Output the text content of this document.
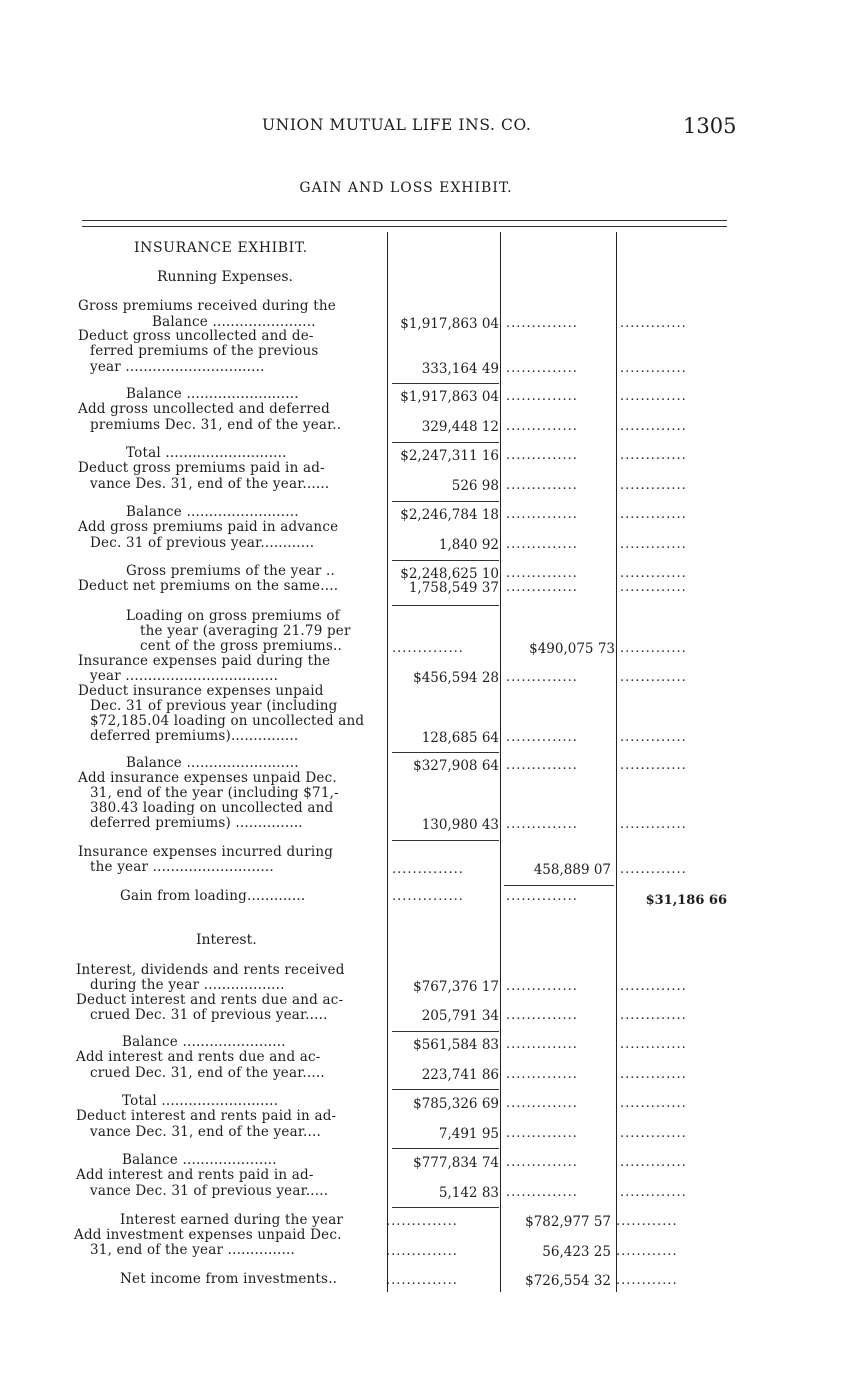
UNION MUTUAL LIFE INS. CO.	1305
GAIN AND LOSS EXHIBIT.
INSURANCE EXHIBIT.
Running Expenses.
Interest.
Gross premiums received during the
Balance .......................
Deduct gross uncollected and de-
ferred premiums of the previous
year ...............................
Balance .........................
Add gross uncollected and deferred
premiums Dec. 31, end of the year..
Total ...........................
Deduct gross premiums paid in ad-
vance Des. 31, end of the year......
Balance .........................
Add gross premiums paid in advance
Dec. 31 of previous year............
Gross premiums of the year ..
Deduct net premiums on the same....
Loading on gross premiums of
the year (averaging 21.79 per
cent of the gross premiums..
Insurance expenses paid during the
year ..................................
Deduct insurance expenses unpaid
Dec. 31 of previous year (including
$72,185.04 loading on uncollected and
deferred premiums)...............
Balance .........................
Add insurance expenses unpaid Dec.
31, end of the year (including $71,-
380.43 loading on uncollected and
deferred premiums) ...............
Insurance expenses incurred during
the year ...........................
Gain from loading.............
Interest, dividends and rents received
during the year ..................
Deduct interest and rents due and ac-
crued Dec. 31 of previous year.....
Balance .......................
Add interest and rents due and ac-
crued Dec. 31, end of the year.....
Total ..........................
Deduct interest and rents paid in ad-
vance Dec. 31, end of the year....
Balance .....................
Add interest and rents paid in ad-
vance Dec. 31 of previous year.....
Interest earned during the year
Add investment expenses unpaid Dec.
31, end of the year ...............
Net income from investments..
$1,917,863 04
333,164 49
$1,917,863 04
329,448 12
$2,247,311 16
526 98
$2,246,784 18
1,840 92
$2,248,625 10
1,758,549 37
$456,594 28
128,685 64
$327,908 64
130,980 43
$767,376 17
205,791 34
$561,584 83
223,741 86
$785,326 69
7,491 95
$777,834 74
5,142 83
$490,075 73
458,889 07
$782,977 57
56,423 25
$726,554 32
$31,186 66
..............
..............
..............
..............
..............
..............
..............
..............
..............
..............
..............
..............
..............
..............
..............
..............
..............
..............
..............
..............
..............
..............
..............
..............
..............
..............
..............
..............
..............
.............
.............
.............
.............
.............
.............
.............
.............
.............
.............
.............
.............
.............
.............
.............
.............
.............
.............
.............
.............
.............
.............
.............
.............
............
............
............
